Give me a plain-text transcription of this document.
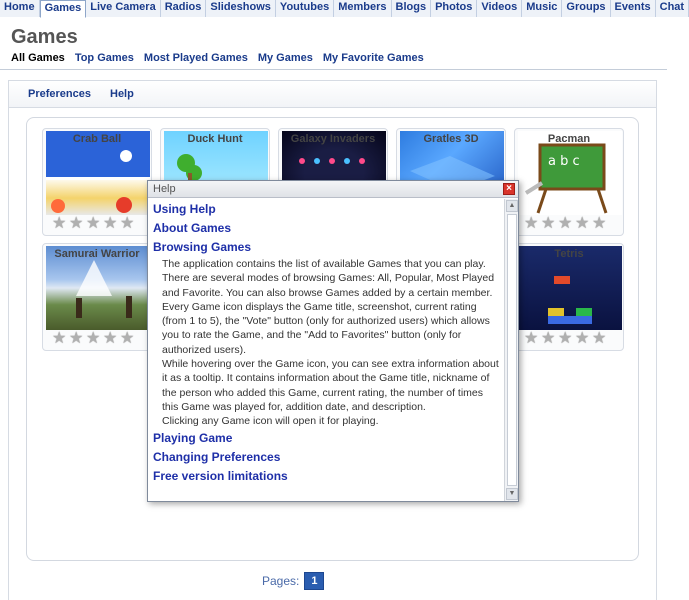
Home Games Live Camera Radios Slideshows Youtubes Members Blogs Photos Videos Music Groups Events Chat
Games
All Games Top Games Most Played Games My Games My Favorite Games
Preferences Help
Crab Ball
★ ★ ★ ★ ★
Duck Hunt	Galaxy Invaders	Gratles 3D
a b c
Pacman
★ ★ ★ ★ ★
Samurai Warrior
★ ★ ★ ★ ★
Tetris
★ ★ ★ ★ ★
Pages:	1
Help	×
Using Help
About Games
Browsing Games
The application contains the list of available Games that you can play.
There are several modes of browsing Games: All, Popular, Most Played
and Favorite. You can also browse Games added by a certain member.
Every Game icon displays the Game title, screenshot, current rating
(from 1 to 5), the "Vote" button (only for authorized users) which allows
you to rate the Game, and the "Add to Favorites" button (only for
authorized users).
While hovering over the Game icon, you can see extra information about
it as a tooltip. It contains information about the Game title, nickname of
the person who added this Game, current rating, the number of times
this Game was played for, addition date, and description.
Clicking any Game icon will open it for playing.
Playing Game
Changing Preferences
Free version limitations
▲
▼
